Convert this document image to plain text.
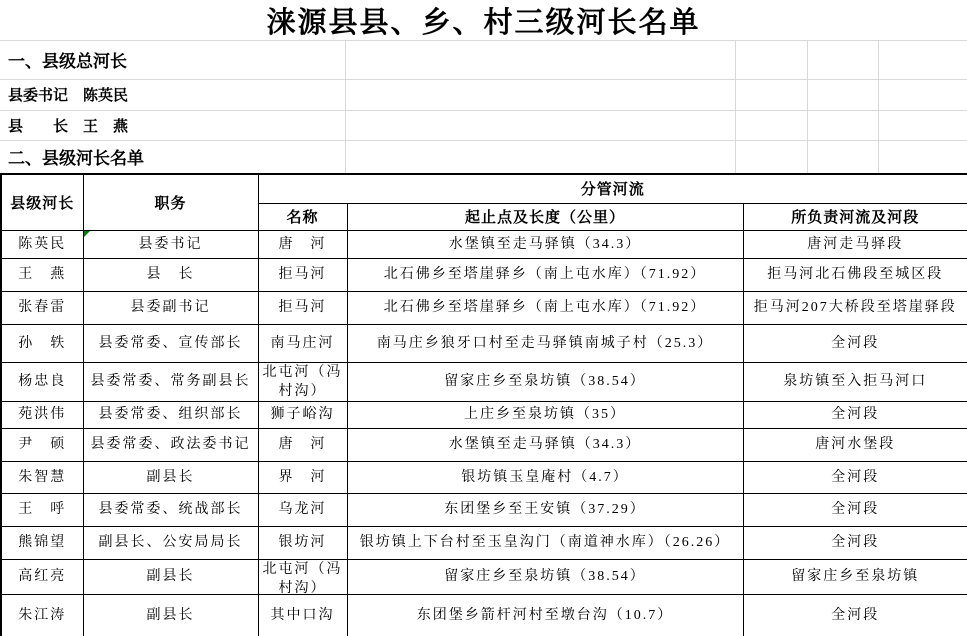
涞源县县、乡、村三级河长名单
一、县级总河长
县委书记　陈英民
县　　长　王　燕
二、县级河长名单
县级河长	职务	分管河流		
		名称	起止点及长度（公里）	所负责河流及河段
陈英民	县委书记	唐　河	水堡镇至走马驿镇（34.3）	唐河走马驿段
王　燕	县　长	拒马河	北石佛乡至塔崖驿乡（南上屯水库）（71.92）	拒马河北石佛段至城区段
张春雷	县委副书记	拒马河	北石佛乡至塔崖驿乡（南上屯水库）（71.92）	拒马河207大桥段至塔崖驿段
孙　轶	县委常委、宣传部长	南马庄河	南马庄乡狼牙口村至走马驿镇南城子村（25.3）	全河段
杨忠良	县委常委、常务副县长	北屯河（冯村沟）	留家庄乡至泉坊镇（38.54）	泉坊镇至入拒马河口
苑洪伟	县委常委、组织部长	狮子峪沟	上庄乡至泉坊镇（35）	全河段
尹　硕	县委常委、政法委书记	唐　河	水堡镇至走马驿镇（34.3）	唐河水堡段
朱智慧	副县长	界　河	银坊镇玉皇庵村（4.7）	全河段
王　呼	县委常委、统战部长	乌龙河	东团堡乡至王安镇（37.29）	全河段
熊锦望	副县长、公安局局长	银坊河	银坊镇上下台村至玉皇沟门（南道神水库）（26.26）	全河段
高红亮	副县长	北屯河（冯村沟）	留家庄乡至泉坊镇（38.54）	留家庄乡至泉坊镇
朱江涛	副县长	其中口沟	东团堡乡箭杆河村至墩台沟（10.7）	全河段
